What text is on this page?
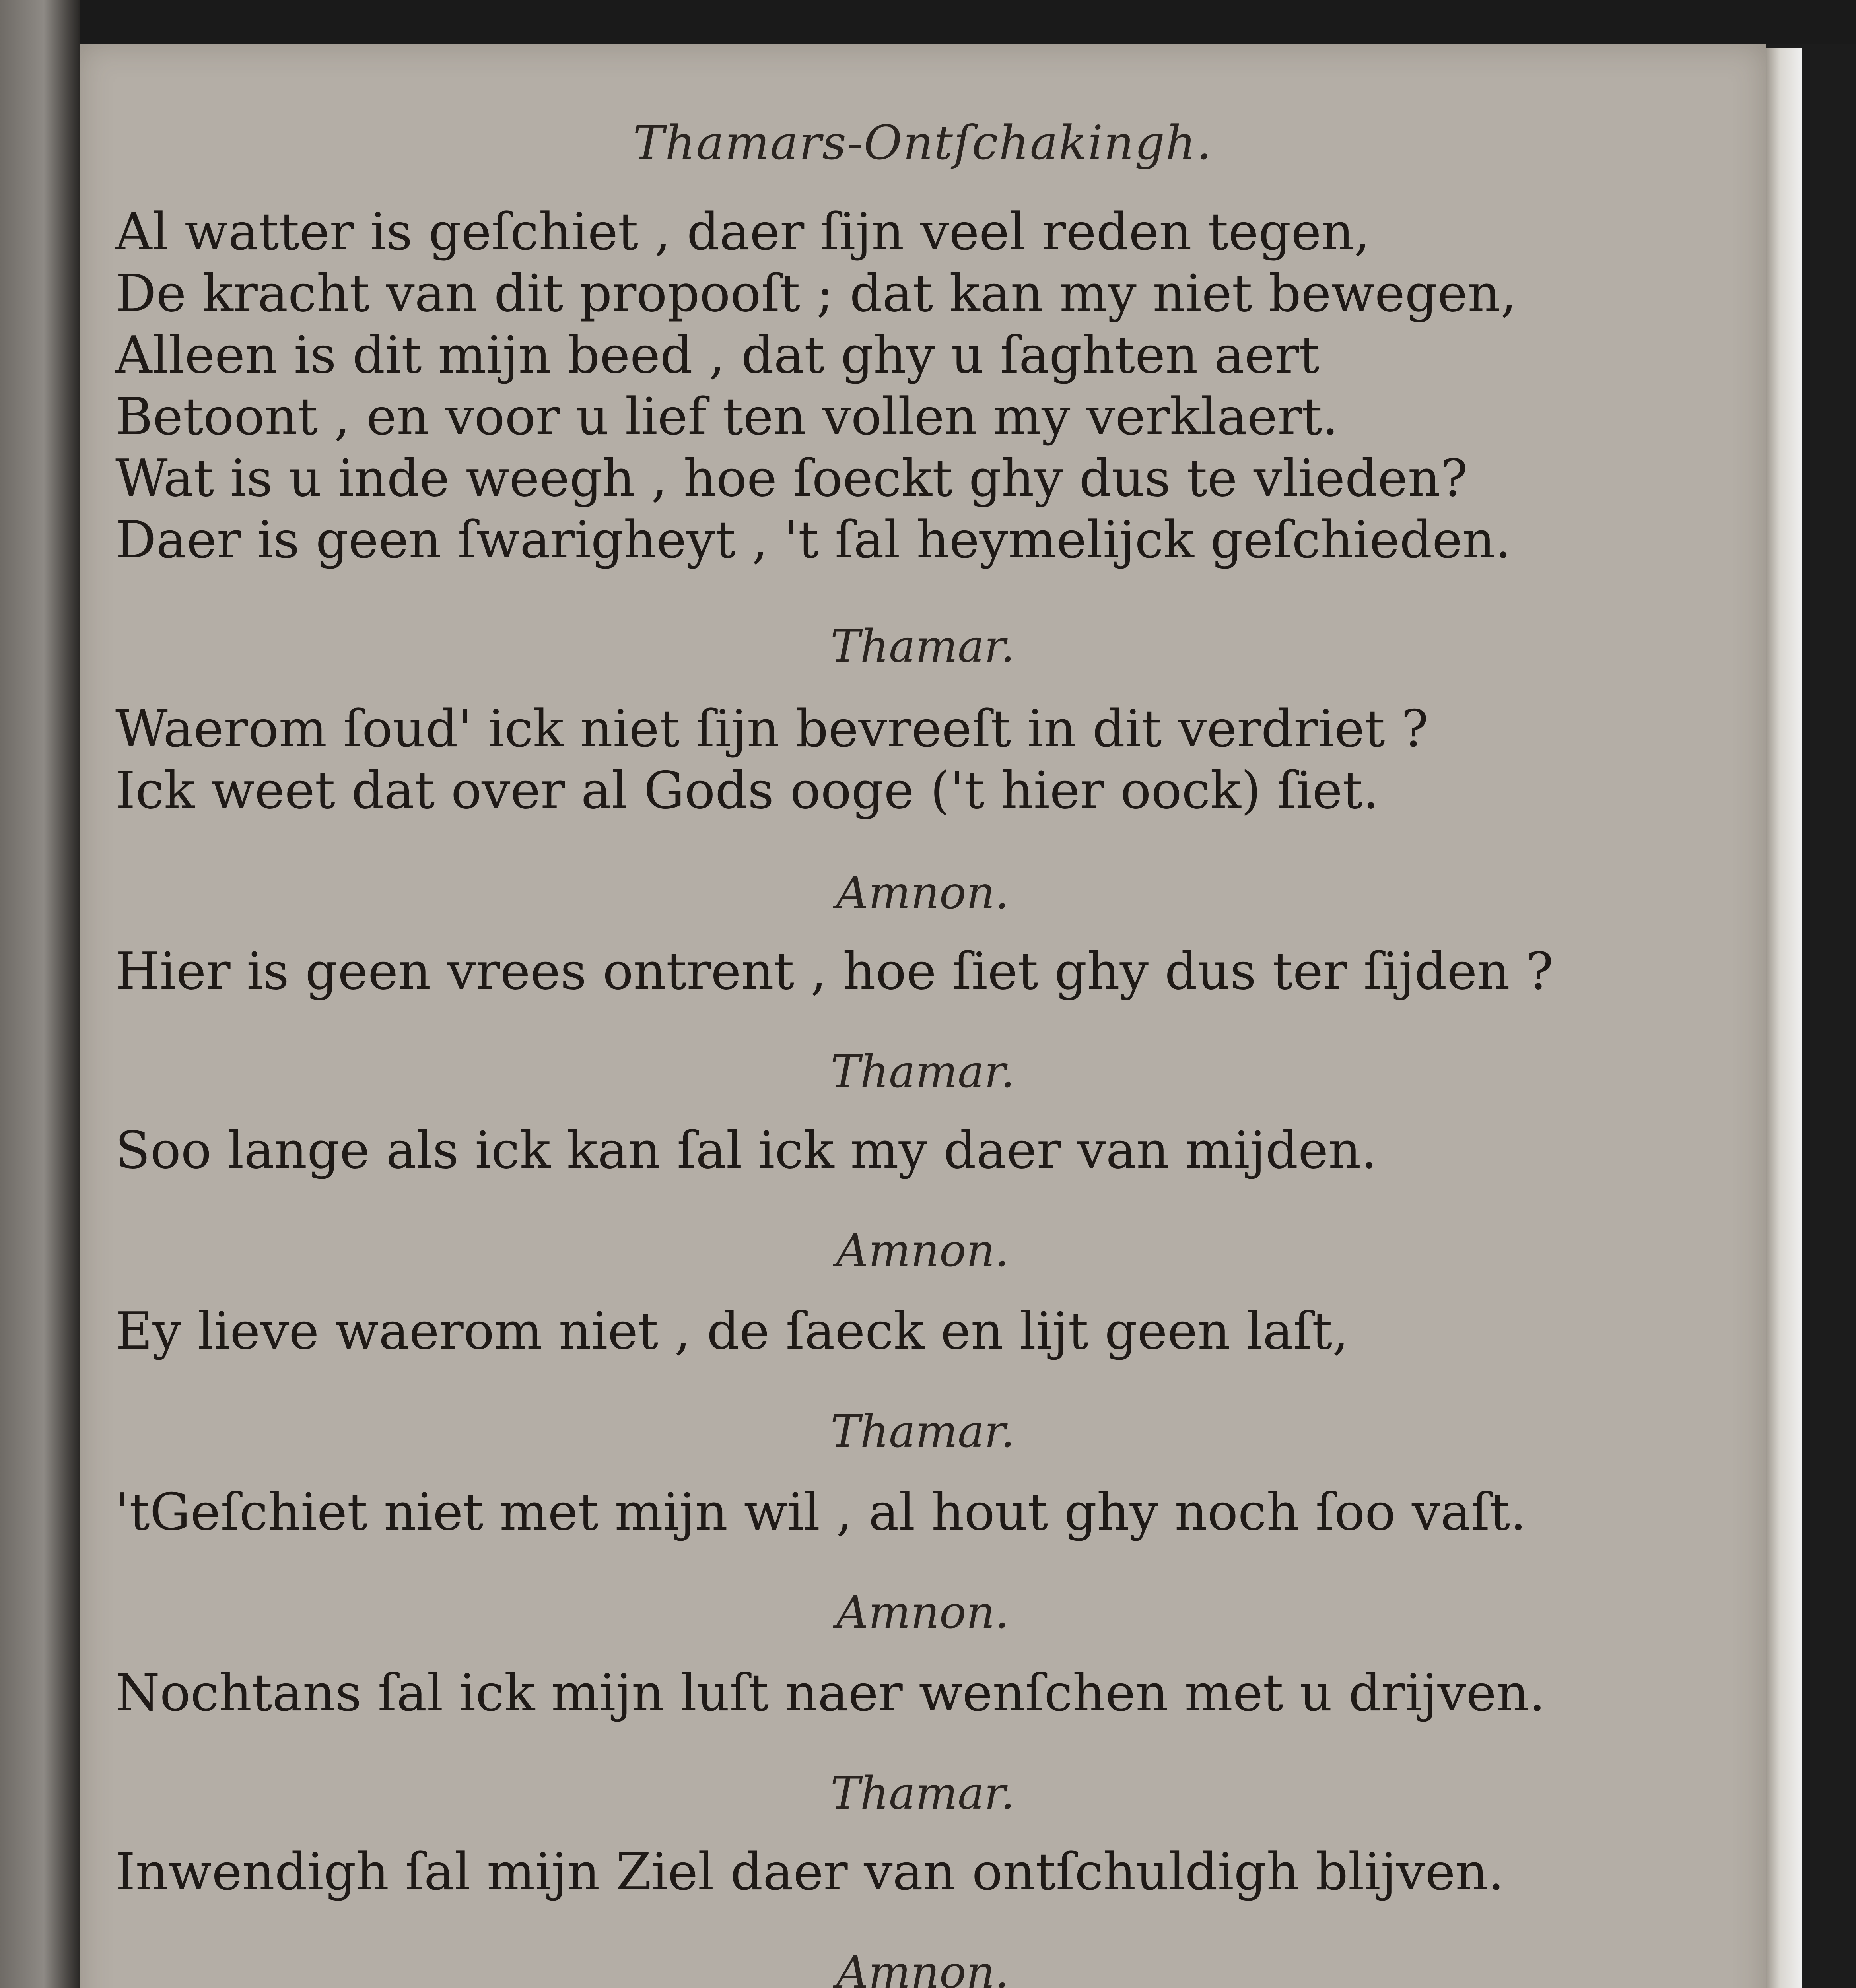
Thamars-Ontſchakingh.
Al watter is geſchiet , daer ſijn veel reden tegen,
De kracht van dit propooſt ; dat kan my niet bewegen,
Alleen is dit mijn beed , dat ghy u ſaghten aert
Betoont , en voor u lief ten vollen my verklaert.
Wat is u inde weegh , hoe ſoeckt ghy dus te vlieden?
Daer is geen ſwarigheyt , 't ſal heymelijck geſchieden.
Thamar.
Waerom ſoud' ick niet ſijn bevreeſt in dit verdriet ?
Ick weet dat over al Gods ooge ('t hier oock) ſiet.
Amnon.
Hier is geen vrees ontrent , hoe ſiet ghy dus ter ſijden ?
Thamar.
Soo lange als ick kan ſal ick my daer van mijden.
Amnon.
Ey lieve waerom niet , de ſaeck en lijt geen laſt,
Thamar.
'tGeſchiet niet met mijn wil , al hout ghy noch ſoo vaſt.
Amnon.
Nochtans ſal ick mijn luſt naer wenſchen met u drijven.
Thamar.
Inwendigh ſal mijn Ziel daer van ontſchuldigh blijven.
Amnon.
